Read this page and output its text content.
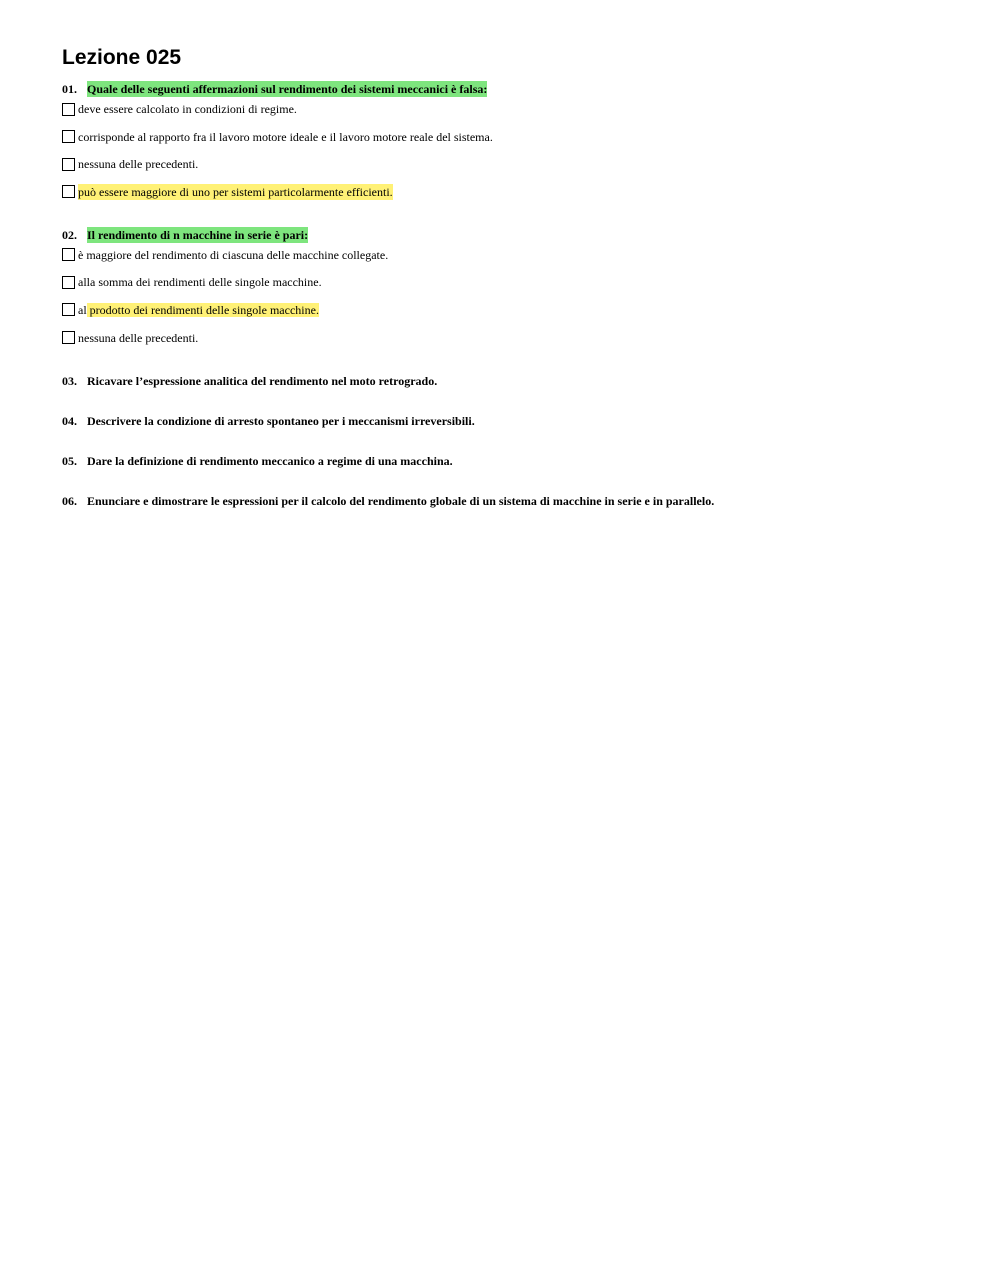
Lezione 025
01. Quale delle seguenti affermazioni sul rendimento dei sistemi meccanici è falsa:
deve essere calcolato in condizioni di regime.
corrisponde al rapporto fra il lavoro motore ideale e il lavoro motore reale del sistema.
nessuna delle precedenti.
può essere maggiore di uno per sistemi particolarmente efficienti.
02. Il rendimento di n macchine in serie è pari:
è maggiore del rendimento di ciascuna delle macchine collegate.
alla somma dei rendimenti delle singole macchine.
al prodotto dei rendimenti delle singole macchine.
nessuna delle precedenti.
03. Ricavare l’espressione analitica del rendimento nel moto retrogrado.
04. Descrivere la condizione di arresto spontaneo per i meccanismi irreversibili.
05. Dare la definizione di rendimento meccanico a regime di una macchina.
06. Enunciare e dimostrare le espressioni per il calcolo del rendimento globale di un sistema di macchine in serie e in parallelo.
